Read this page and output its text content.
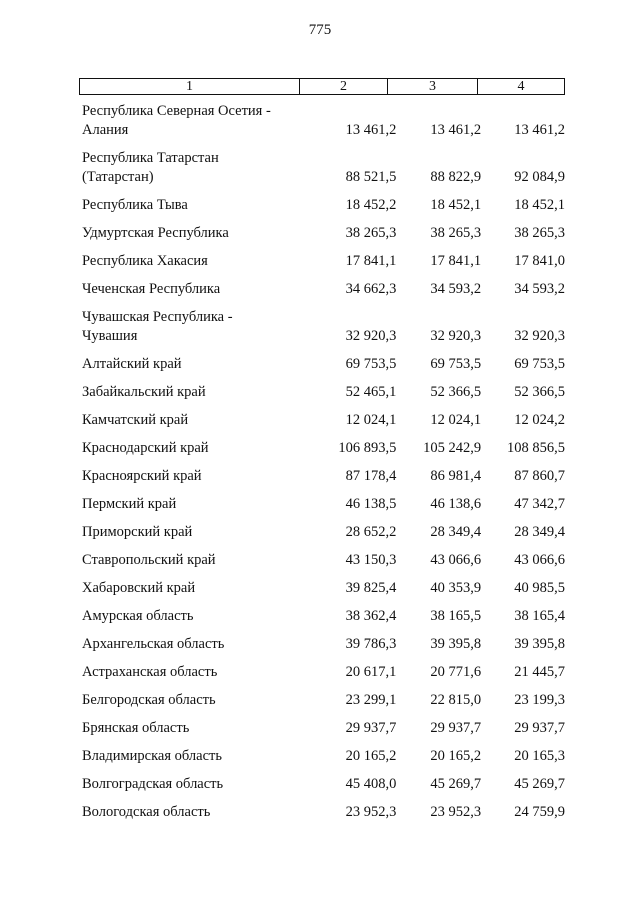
775
1	2	3	4
Республика Северная Осетия -
Алания	13 461,2	13 461,2	13 461,2
Республика Татарстан
(Татарстан)	88 521,5	88 822,9	92 084,9
Республика Тыва	18 452,2	18 452,1	18 452,1
Удмуртская Республика	38 265,3	38 265,3	38 265,3
Республика Хакасия	17 841,1	17 841,1	17 841,0
Чеченская Республика	34 662,3	34 593,2	34 593,2
Чувашская Республика -
Чувашия	32 920,3	32 920,3	32 920,3
Алтайский край	69 753,5	69 753,5	69 753,5
Забайкальский край	52 465,1	52 366,5	52 366,5
Камчатский край	12 024,1	12 024,1	12 024,2
Краснодарский край	106 893,5	105 242,9	108 856,5
Красноярский край	87 178,4	86 981,4	87 860,7
Пермский край	46 138,5	46 138,6	47 342,7
Приморский край	28 652,2	28 349,4	28 349,4
Ставропольский край	43 150,3	43 066,6	43 066,6
Хабаровский край	39 825,4	40 353,9	40 985,5
Амурская область	38 362,4	38 165,5	38 165,4
Архангельская область	39 786,3	39 395,8	39 395,8
Астраханская область	20 617,1	20 771,6	21 445,7
Белгородская область	23 299,1	22 815,0	23 199,3
Брянская область	29 937,7	29 937,7	29 937,7
Владимирская область	20 165,2	20 165,2	20 165,3
Волгоградская область	45 408,0	45 269,7	45 269,7
Вологодская область	23 952,3	23 952,3	24 759,9
